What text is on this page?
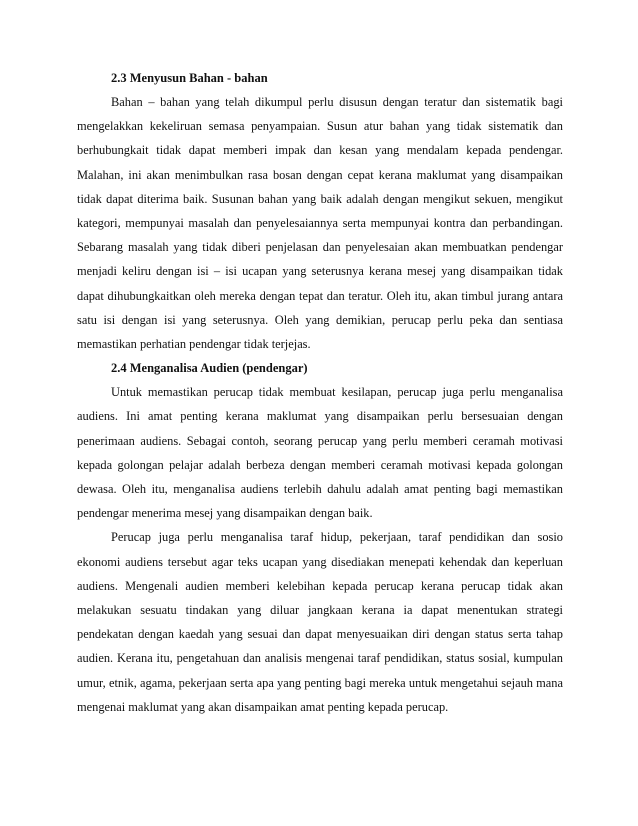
2.3 Menyusun Bahan - bahan

Bahan – bahan yang telah dikumpul perlu disusun dengan teratur dan sistematik bagi mengelakkan kekeliruan semasa penyampaian. Susun atur bahan yang tidak sistematik dan berhubungkait tidak dapat memberi impak dan kesan yang mendalam kepada pendengar. Malahan, ini akan menimbulkan rasa bosan dengan cepat kerana maklumat yang disampaikan tidak dapat diterima baik. Susunan bahan yang baik adalah dengan mengikut sekuen, mengikut kategori, mempunyai masalah dan penyelesaiannya serta mempunyai kontra dan perbandingan. Sebarang masalah yang tidak diberi penjelasan dan penyelesaian akan membuatkan pendengar menjadi keliru dengan isi – isi ucapan yang seterusnya kerana mesej yang disampaikan tidak dapat dihubungkaitkan oleh mereka dengan tepat dan teratur. Oleh itu, akan timbul jurang antara satu isi dengan isi yang seterusnya. Oleh yang demikian, perucap perlu peka dan sentiasa memastikan perhatian pendengar tidak terjejas.

2.4 Menganalisa Audien (pendengar)

Untuk memastikan perucap tidak membuat kesilapan, perucap juga perlu menganalisa audiens. Ini amat penting kerana maklumat yang disampaikan perlu bersesuaian dengan penerimaan audiens. Sebagai contoh, seorang perucap yang perlu memberi ceramah motivasi kepada golongan pelajar adalah berbeza dengan memberi ceramah motivasi kepada golongan dewasa. Oleh itu, menganalisa audiens terlebih dahulu adalah amat penting bagi memastikan pendengar menerima mesej yang disampaikan dengan baik.

Perucap juga perlu menganalisa taraf hidup, pekerjaan, taraf pendidikan dan sosio ekonomi audiens tersebut agar teks ucapan yang disediakan menepati kehendak dan keperluan audiens. Mengenali audien memberi kelebihan kepada perucap kerana perucap tidak akan melakukan sesuatu tindakan yang diluar jangkaan kerana ia dapat menentukan strategi pendekatan dengan kaedah yang sesuai dan dapat menyesuaikan diri dengan status serta tahap audien. Kerana itu, pengetahuan dan analisis mengenai taraf pendidikan, status sosial, kumpulan umur, etnik, agama, pekerjaan serta apa yang penting bagi mereka untuk mengetahui sejauh mana mengenai maklumat yang akan disampaikan amat penting kepada perucap.
